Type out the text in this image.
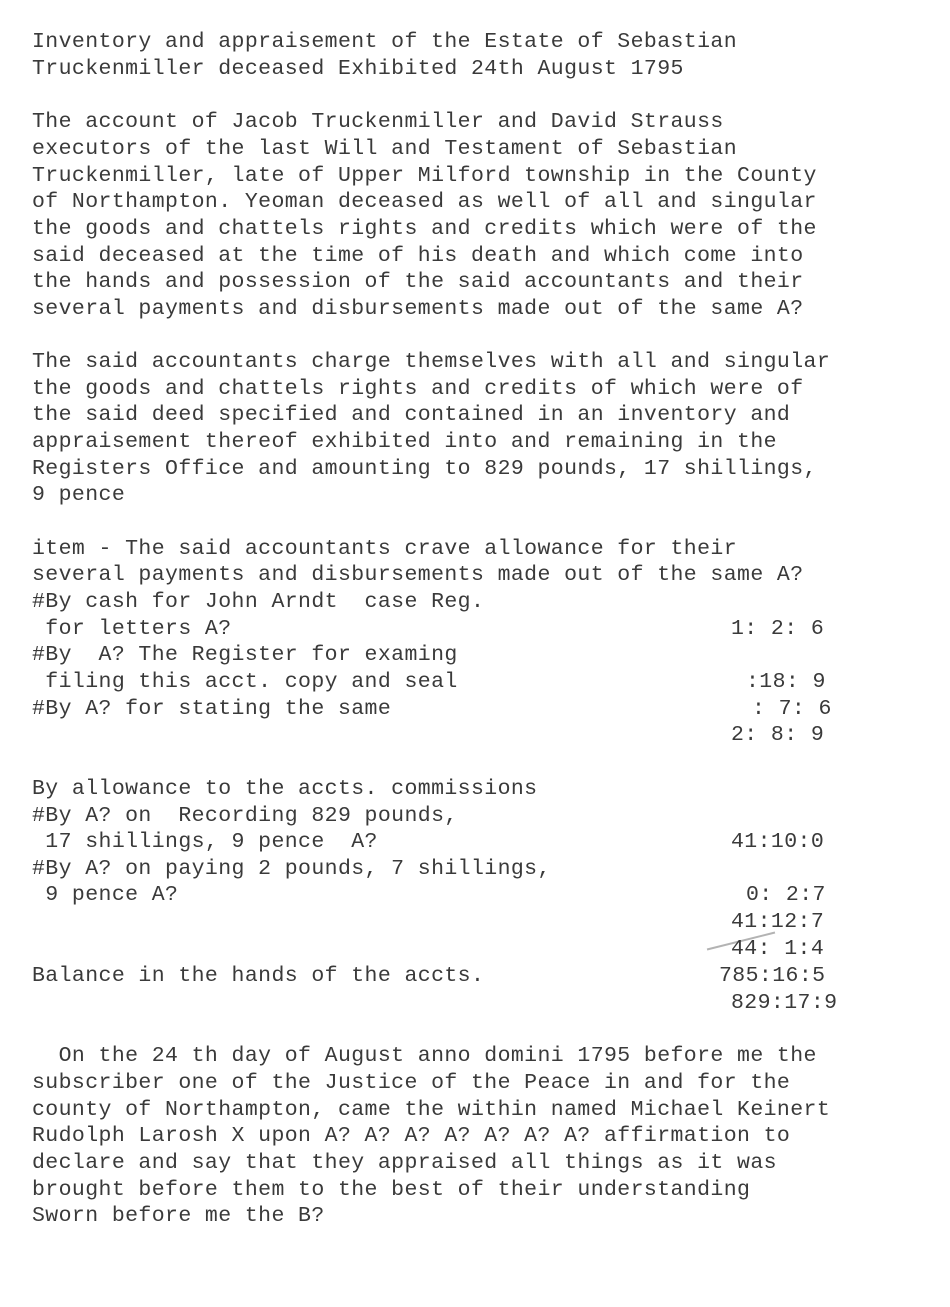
Inventory and appraisement of the Estate of Sebastian
Truckenmiller deceased Exhibited 24th August 1795
The account of Jacob Truckenmiller and David Strauss
executors of the last Will and Testament of Sebastian
Truckenmiller, late of Upper Milford township in the County
of Northampton. Yeoman deceased as well of all and singular
the goods and chattels rights and credits which were of the
said deceased at the time of his death and which come into
the hands and possession of the said accountants and their
several payments and disbursements made out of the same A?
The said accountants charge themselves with all and singular
the goods and chattels rights and credits of which were of
the said deed specified and contained in an inventory and
appraisement thereof exhibited into and remaining in the
Registers Office and amounting to 829 pounds, 17 shillings,
9 pence
item - The said accountants crave allowance for their
several payments and disbursements made out of the same A?
#By cash for John Arndt  case Reg.
for letters A?
#By  A? The Register for examing
filing this acct. copy and seal
#By A? for stating the same
1: 2: 6
:18: 9
: 7: 6
2: 8: 9
By allowance to the accts. commissions
#By A? on  Recording 829 pounds,
17 shillings, 9 pence  A?
#By A? on paying 2 pounds, 7 shillings,
9 pence A?
Balance in the hands of the accts.
41:10:0
0: 2:7
41:12:7
44: 1:4
785:16:5
829:17:9
On the 24 th day of August anno domini 1795 before me the
subscriber one of the Justice of the Peace in and for the
county of Northampton, came the within named Michael Keinert
Rudolph Larosh X upon A? A? A? A? A? A? A? affirmation to
declare and say that they appraised all things as it was
brought before them to the best of their understanding
Sworn before me the B?
